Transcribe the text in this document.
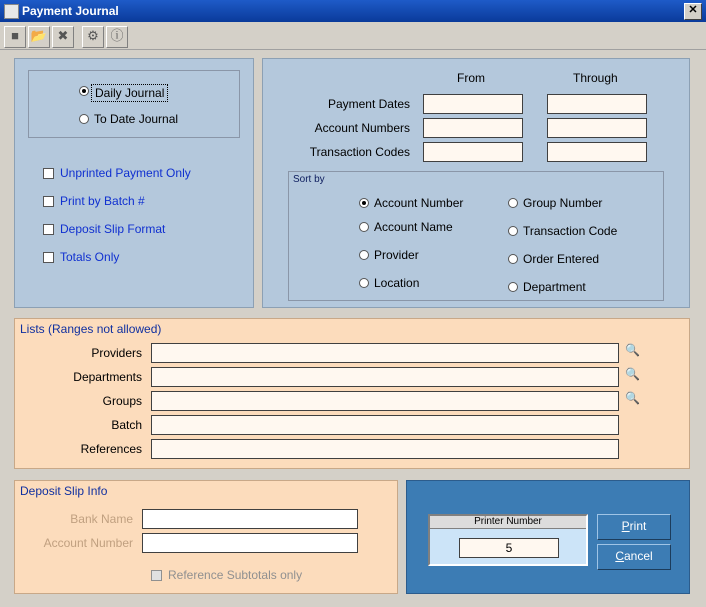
Payment Journal	✕
■ 📂 ✖	⚙ ⓘ
Daily Journal
To Date Journal
Unprinted Payment Only
Print by Batch #
Deposit Slip Format
Totals Only
From	Through
Payment Dates
Account Numbers
Transaction Codes
Sort by
Account Number
Account Name
Provider
Location
Group Number
Transaction Code
Order Entered
Department
Lists (Ranges not allowed)
Providers	🔍
Departments	🔍
Groups	🔍
Batch
References
Deposit Slip Info
Bank Name
Account Number
Reference Subtotals only
Printer Number
5
Print
Cancel
